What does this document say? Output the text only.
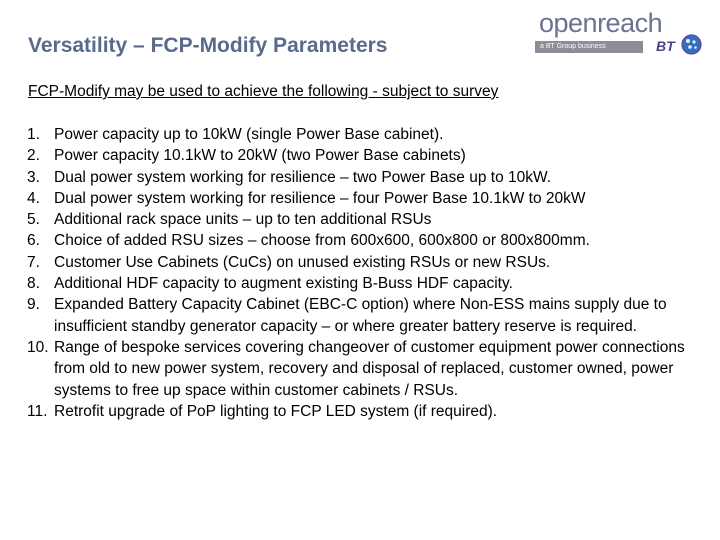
Versatility – FCP-Modify Parameters
openreach
a BT Group business	BT
FCP-Modify may be used to achieve the following - subject to survey
1. Power capacity up to 10kW (single Power Base cabinet).
2. Power capacity 10.1kW to 20kW (two Power Base cabinets)
3. Dual power system working for resilience – two Power Base up to 10kW.
4. Dual power system working for resilience – four Power Base 10.1kW to 20kW
5. Additional rack space units – up to ten additional RSUs
6. Choice of added RSU sizes – choose from 600x600, 600x800 or 800x800mm.
7. Customer Use Cabinets (CuCs) on unused existing RSUs or new RSUs.
8. Additional HDF capacity to augment existing B-Buss HDF capacity.
9. Expanded Battery Capacity Cabinet (EBC-C option) where Non-ESS mains supply due to insufficient standby generator capacity – or where greater battery reserve is required.
10. Range of bespoke services covering changeover of customer equipment power connections from old to new power system, recovery and disposal of replaced, customer owned, power systems to free up space within customer cabinets / RSUs.
11. Retrofit upgrade of PoP lighting to FCP LED system (if required).
